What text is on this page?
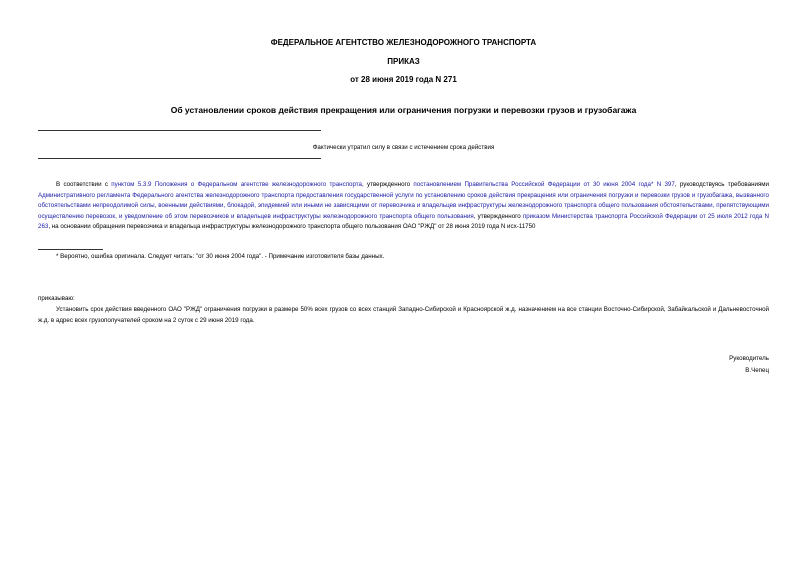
ФЕДЕРАЛЬНОЕ АГЕНТСТВО ЖЕЛЕЗНОДОРОЖНОГО ТРАНСПОРТА
ПРИКАЗ
от 28 июня 2019 года N 271
Об установлении сроков действия прекращения или ограничения погрузки и перевозки грузов и грузобагажа
Фактически утратил силу в связи с истечением срока действия
В соответствии с пунктом 5.3.9 Положения о Федеральном агентстве железнодорожного транспорта, утвержденного постановлением Правительства Российской Федерации от 30 июня 2004 года* N 397, руководствуясь требованиями Административного регламента Федерального агентства железнодорожного транспорта предоставления государственной услуги по установлению сроков действия прекращения или ограничения погрузки и перевозки грузов и грузобагажа, вызванного обстоятельствами непреодолимой силы, военными действиями, блокадой, эпидемией или иными не зависящими от перевозчика и владельцев инфраструктуры железнодорожного транспорта общего пользования обстоятельствами, препятствующими осуществлению перевозок, и уведомление об этом перевозчиков и владельцев инфраструктуры железнодорожного транспорта общего пользования, утвержденного приказом Министерства транспорта Российской Федерации от 25 июля 2012 года N 263, на основании обращения перевозчика и владельца инфраструктуры железнодорожного транспорта общего пользования ОАО "РЖД" от 28 июня 2019 года N исх-11750
* Вероятно, ошибка оригинала. Следует читать: "от 30 июня 2004 года". - Примечание изготовителя базы данных.
приказываю:
Установить срок действия введенного ОАО "РЖД" ограничения погрузки в размере 50% всех грузов со всех станций Западно-Сибирской и Красноярской ж.д. назначением на все станции Восточно-Сибирской, Забайкальской и Дальневосточной ж.д. в адрес всех грузополучателей сроком на 2 суток с 29 июня 2019 года.
Руководитель
В.Чепец
